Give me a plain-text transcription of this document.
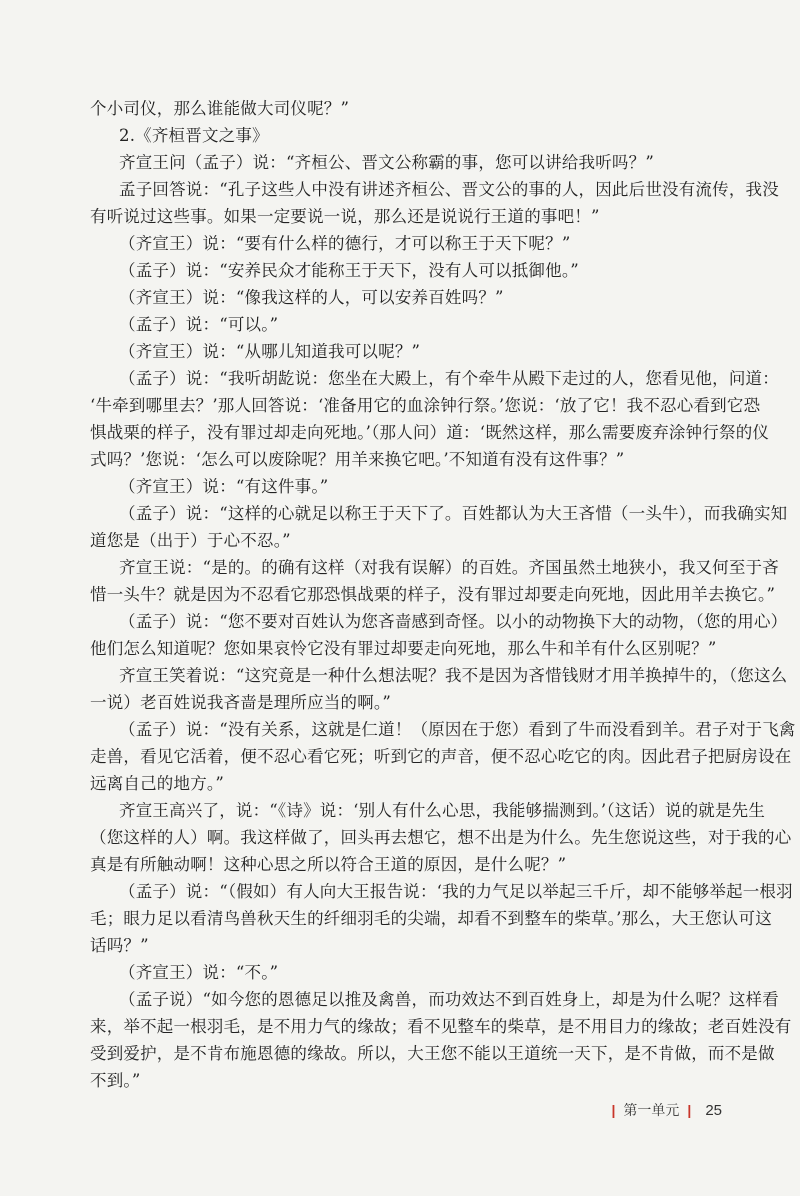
个小司仪，那么谁能做大司仪呢？”
2.《齐桓晋文之事》
齐宣王问（孟子）说：“齐桓公、晋文公称霸的事，您可以讲给我听吗？”
孟子回答说：“孔子这些人中没有讲述齐桓公、晋文公的事的人，因此后世没有流传，我没
有听说过这些事。如果一定要说一说，那么还是说说行王道的事吧！”
（齐宣王）说：“要有什么样的德行，才可以称王于天下呢？”
（孟子）说：“安养民众才能称王于天下，没有人可以抵御他。”
（齐宣王）说：“像我这样的人，可以安养百姓吗？”
（孟子）说：“可以。”
（齐宣王）说：“从哪儿知道我可以呢？”
（孟子）说：“我听胡龁说：您坐在大殿上，有个牵牛从殿下走过的人，您看见他，问道：
‘牛牵到哪里去？’那人回答说：‘准备用它的血涂钟行祭。’您说：‘放了它！我不忍心看到它恐
惧战栗的样子，没有罪过却走向死地。’（那人问）道：‘既然这样，那么需要废弃涂钟行祭的仪
式吗？’您说：‘怎么可以废除呢？用羊来换它吧。’不知道有没有这件事？”
（齐宣王）说：“有这件事。”
（孟子）说：“这样的心就足以称王于天下了。百姓都认为大王吝惜（一头牛），而我确实知
道您是（出于）于心不忍。”
齐宣王说：“是的。的确有这样（对我有误解）的百姓。齐国虽然土地狭小，我又何至于吝
惜一头牛？就是因为不忍看它那恐惧战栗的样子，没有罪过却要走向死地，因此用羊去换它。”
（孟子）说：“您不要对百姓认为您吝啬感到奇怪。以小的动物换下大的动物，（您的用心）
他们怎么知道呢？您如果哀怜它没有罪过却要走向死地，那么牛和羊有什么区别呢？”
齐宣王笑着说：“这究竟是一种什么想法呢？我不是因为吝惜钱财才用羊换掉牛的，（您这么
一说）老百姓说我吝啬是理所应当的啊。”
（孟子）说：“没有关系，这就是仁道！（原因在于您）看到了牛而没看到羊。君子对于飞禽
走兽，看见它活着，便不忍心看它死；听到它的声音，便不忍心吃它的肉。因此君子把厨房设在
远离自己的地方。”
齐宣王高兴了，说：“《诗》说：‘别人有什么心思，我能够揣测到。’（这话）说的就是先生
（您这样的人）啊。我这样做了，回头再去想它，想不出是为什么。先生您说这些，对于我的心
真是有所触动啊！这种心思之所以符合王道的原因，是什么呢？”
（孟子）说：“（假如）有人向大王报告说：‘我的力气足以举起三千斤，却不能够举起一根羽
毛；眼力足以看清鸟兽秋天生的纤细羽毛的尖端，却看不到整车的柴草。’那么，大王您认可这
话吗？”
（齐宣王）说：“不。”
（孟子说）“如今您的恩德足以推及禽兽，而功效达不到百姓身上，却是为什么呢？这样看
来，举不起一根羽毛，是不用力气的缘故；看不见整车的柴草，是不用目力的缘故；老百姓没有
受到爱护，是不肯布施恩德的缘故。所以，大王您不能以王道统一天下，是不肯做，而不是做
不到。”
| 第一单元 | 25
